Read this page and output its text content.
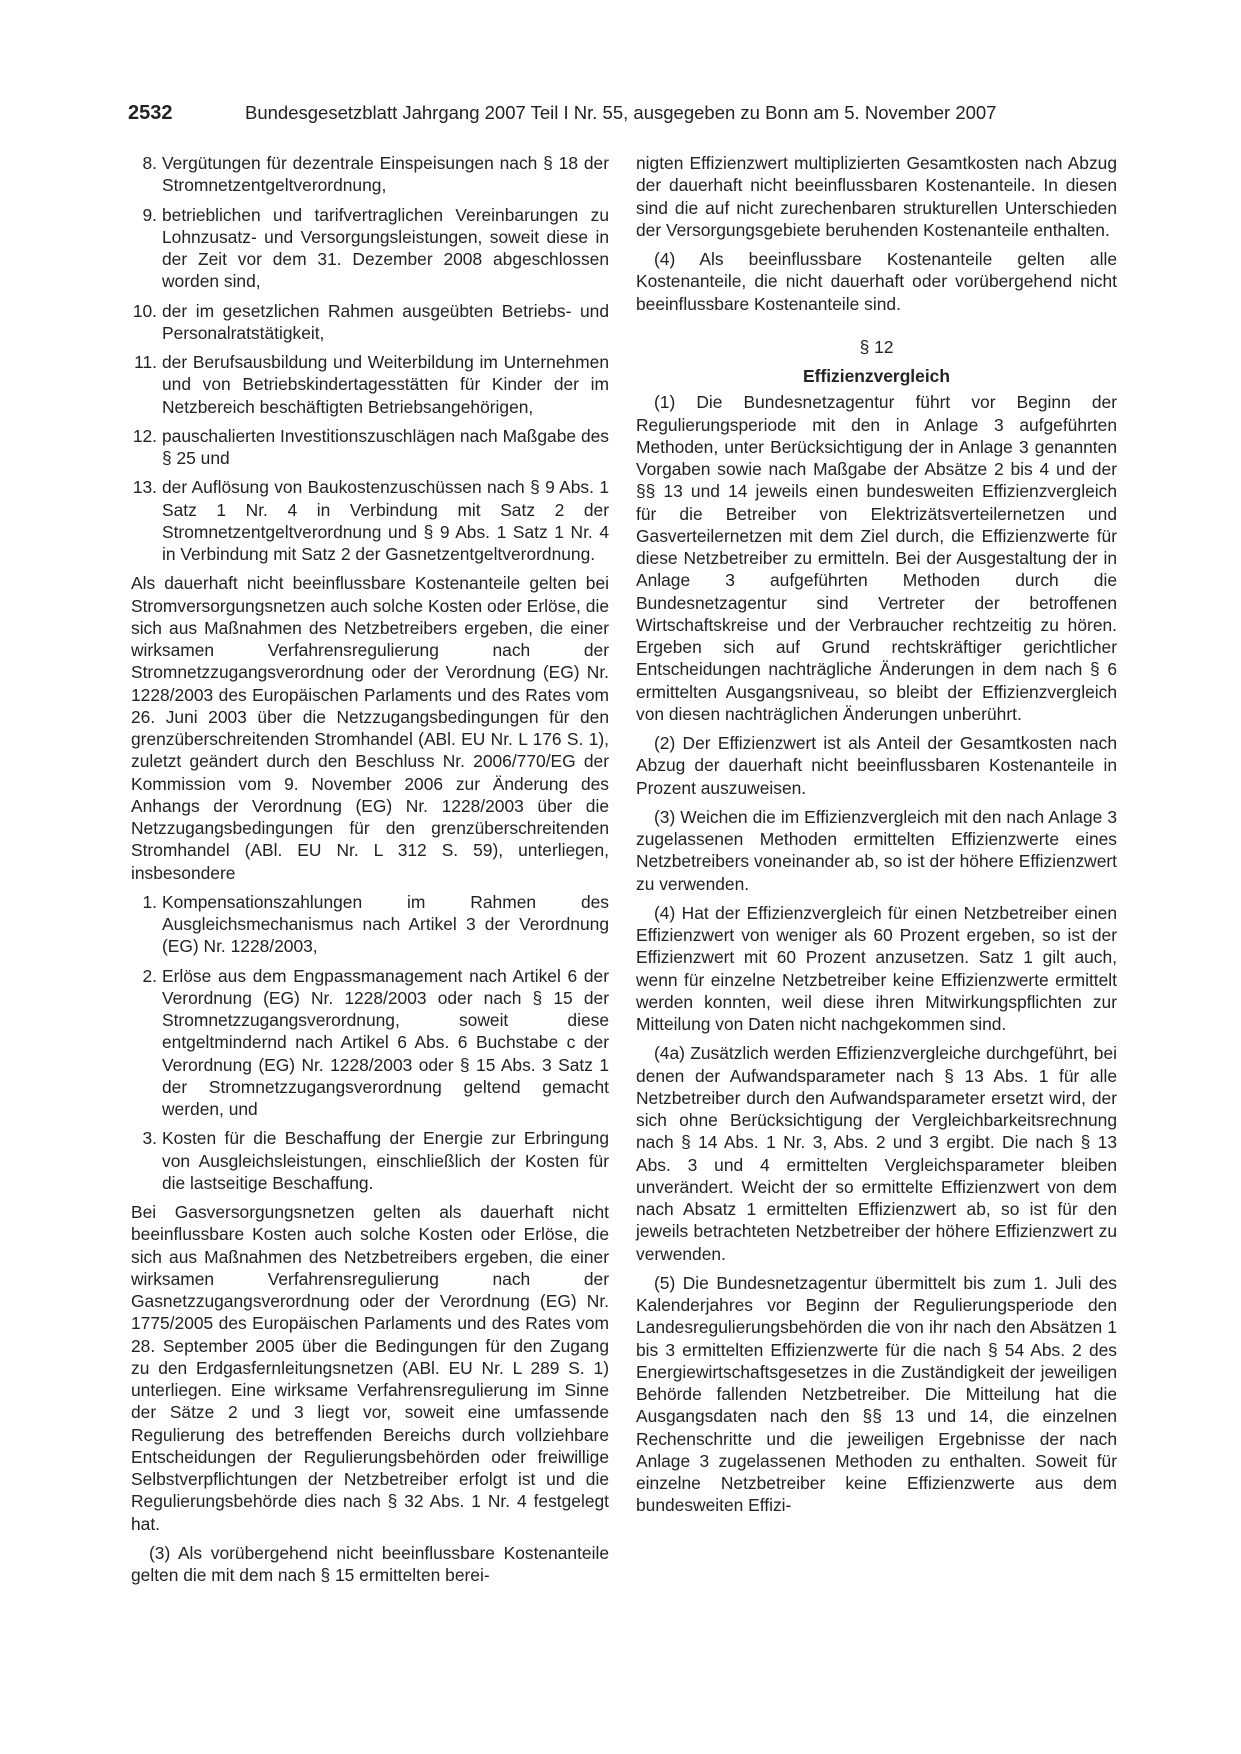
2532	Bundesgesetzblatt Jahrgang 2007 Teil I Nr. 55, ausgegeben zu Bonn am 5. November 2007
8. Vergütungen für dezentrale Einspeisungen nach § 18 der Stromnetzentgeltverordnung,
9. betrieblichen und tarifvertraglichen Vereinbarungen zu Lohnzusatz- und Versorgungsleistungen, soweit diese in der Zeit vor dem 31. Dezember 2008 abgeschlossen worden sind,
10. der im gesetzlichen Rahmen ausgeübten Betriebs- und Personalratstätigkeit,
11. der Berufsausbildung und Weiterbildung im Unternehmen und von Betriebskindertagesstätten für Kinder der im Netzbereich beschäftigten Betriebsangehörigen,
12. pauschalierten Investitionszuschlägen nach Maßgabe des § 25 und
13. der Auflösung von Baukostenzuschüssen nach § 9 Abs. 1 Satz 1 Nr. 4 in Verbindung mit Satz 2 der Stromnetzentgeltverordnung und § 9 Abs. 1 Satz 1 Nr. 4 in Verbindung mit Satz 2 der Gasnetzentgeltverordnung.

Als dauerhaft nicht beeinflussbare Kostenanteile gelten bei Stromversorgungsnetzen auch solche Kosten oder Erlöse, die sich aus Maßnahmen des Netzbetreibers ergeben, die einer wirksamen Verfahrensregulierung nach der Stromnetzzugangsverordnung oder der Verordnung (EG) Nr. 1228/2003 des Europäischen Parlaments und des Rates vom 26. Juni 2003 über die Netzzugangsbedingungen für den grenzüberschreitenden Stromhandel (ABl. EU Nr. L 176 S. 1), zuletzt geändert durch den Beschluss Nr. 2006/770/EG der Kommission vom 9. November 2006 zur Änderung des Anhangs der Verordnung (EG) Nr. 1228/2003 über die Netzzugangsbedingungen für den grenzüberschreitenden Stromhandel (ABl. EU Nr. L 312 S. 59), unterliegen, insbesondere

1. Kompensationszahlungen im Rahmen des Ausgleichsmechanismus nach Artikel 3 der Verordnung (EG) Nr. 1228/2003,
2. Erlöse aus dem Engpassmanagement nach Artikel 6 der Verordnung (EG) Nr. 1228/2003 oder nach § 15 der Stromnetzzugangsverordnung, soweit diese entgeltmindernd nach Artikel 6 Abs. 6 Buchstabe c der Verordnung (EG) Nr. 1228/2003 oder § 15 Abs. 3 Satz 1 der Stromnetzzugangsverordnung geltend gemacht werden, und
3. Kosten für die Beschaffung der Energie zur Erbringung von Ausgleichsleistungen, einschließlich der Kosten für die lastseitige Beschaffung.

Bei Gasversorgungsnetzen gelten als dauerhaft nicht beeinflussbare Kosten auch solche Kosten oder Erlöse, die sich aus Maßnahmen des Netzbetreibers ergeben, die einer wirksamen Verfahrensregulierung nach der Gasnetzzugangsverordnung oder der Verordnung (EG) Nr. 1775/2005 des Europäischen Parlaments und des Rates vom 28. September 2005 über die Bedingungen für den Zugang zu den Erdgasfernleitungsnetzen (ABl. EU Nr. L 289 S. 1) unterliegen. Eine wirksame Verfahrensregulierung im Sinne der Sätze 2 und 3 liegt vor, soweit eine umfassende Regulierung des betreffenden Bereichs durch vollziehbare Entscheidungen der Regulierungsbehörden oder freiwillige Selbstverpflichtungen der Netzbetreiber erfolgt ist und die Regulierungsbehörde dies nach § 32 Abs. 1 Nr. 4 festgelegt hat.

(3) Als vorübergehend nicht beeinflussbare Kostenanteile gelten die mit dem nach § 15 ermittelten berei-

nigten Effizienzwert multiplizierten Gesamtkosten nach Abzug der dauerhaft nicht beeinflussbaren Kostenanteile. In diesen sind die auf nicht zurechenbaren strukturellen Unterschieden der Versorgungsgebiete beruhenden Kostenanteile enthalten.

(4) Als beeinflussbare Kostenanteile gelten alle Kostenanteile, die nicht dauerhaft oder vorübergehend nicht beeinflussbare Kostenanteile sind.

§ 12
Effizienzvergleich

(1) Die Bundesnetzagentur führt vor Beginn der Regulierungsperiode mit den in Anlage 3 aufgeführten Methoden, unter Berücksichtigung der in Anlage 3 genannten Vorgaben sowie nach Maßgabe der Absätze 2 bis 4 und der §§ 13 und 14 jeweils einen bundesweiten Effizienzvergleich für die Betreiber von Elektrizätsverteilernetzen und Gasverteilernetzen mit dem Ziel durch, die Effizienzwerte für diese Netzbetreiber zu ermitteln. Bei der Ausgestaltung der in Anlage 3 aufgeführten Methoden durch die Bundesnetzagentur sind Vertreter der betroffenen Wirtschaftskreise und der Verbraucher rechtzeitig zu hören. Ergeben sich auf Grund rechtskräftiger gerichtlicher Entscheidungen nachträgliche Änderungen in dem nach § 6 ermittelten Ausgangsniveau, so bleibt der Effizienzvergleich von diesen nachträglichen Änderungen unberührt.

(2) Der Effizienzwert ist als Anteil der Gesamtkosten nach Abzug der dauerhaft nicht beeinflussbaren Kostenanteile in Prozent auszuweisen.

(3) Weichen die im Effizienzvergleich mit den nach Anlage 3 zugelassenen Methoden ermittelten Effizienzwerte eines Netzbetreibers voneinander ab, so ist der höhere Effizienzwert zu verwenden.

(4) Hat der Effizienzvergleich für einen Netzbetreiber einen Effizienzwert von weniger als 60 Prozent ergeben, so ist der Effizienzwert mit 60 Prozent anzusetzen. Satz 1 gilt auch, wenn für einzelne Netzbetreiber keine Effizienzwerte ermittelt werden konnten, weil diese ihren Mitwirkungspflichten zur Mitteilung von Daten nicht nachgekommen sind.

(4a) Zusätzlich werden Effizienzvergleiche durchgeführt, bei denen der Aufwandsparameter nach § 13 Abs. 1 für alle Netzbetreiber durch den Aufwandsparameter ersetzt wird, der sich ohne Berücksichtigung der Vergleichbarkeitsrechnung nach § 14 Abs. 1 Nr. 3, Abs. 2 und 3 ergibt. Die nach § 13 Abs. 3 und 4 ermittelten Vergleichsparameter bleiben unverändert. Weicht der so ermittelte Effizienzwert von dem nach Absatz 1 ermittelten Effizienzwert ab, so ist für den jeweils betrachteten Netzbetreiber der höhere Effizienzwert zu verwenden.

(5) Die Bundesnetzagentur übermittelt bis zum 1. Juli des Kalenderjahres vor Beginn der Regulierungsperiode den Landesregulierungsbehörden die von ihr nach den Absätzen 1 bis 3 ermittelten Effizienzwerte für die nach § 54 Abs. 2 des Energiewirtschaftsgesetzes in die Zuständigkeit der jeweiligen Behörde fallenden Netzbetreiber. Die Mitteilung hat die Ausgangsdaten nach den §§ 13 und 14, die einzelnen Rechenschritte und die jeweiligen Ergebnisse der nach Anlage 3 zugelassenen Methoden zu enthalten. Soweit für einzelne Netzbetreiber keine Effizienzwerte aus dem bundesweiten Effizi-
